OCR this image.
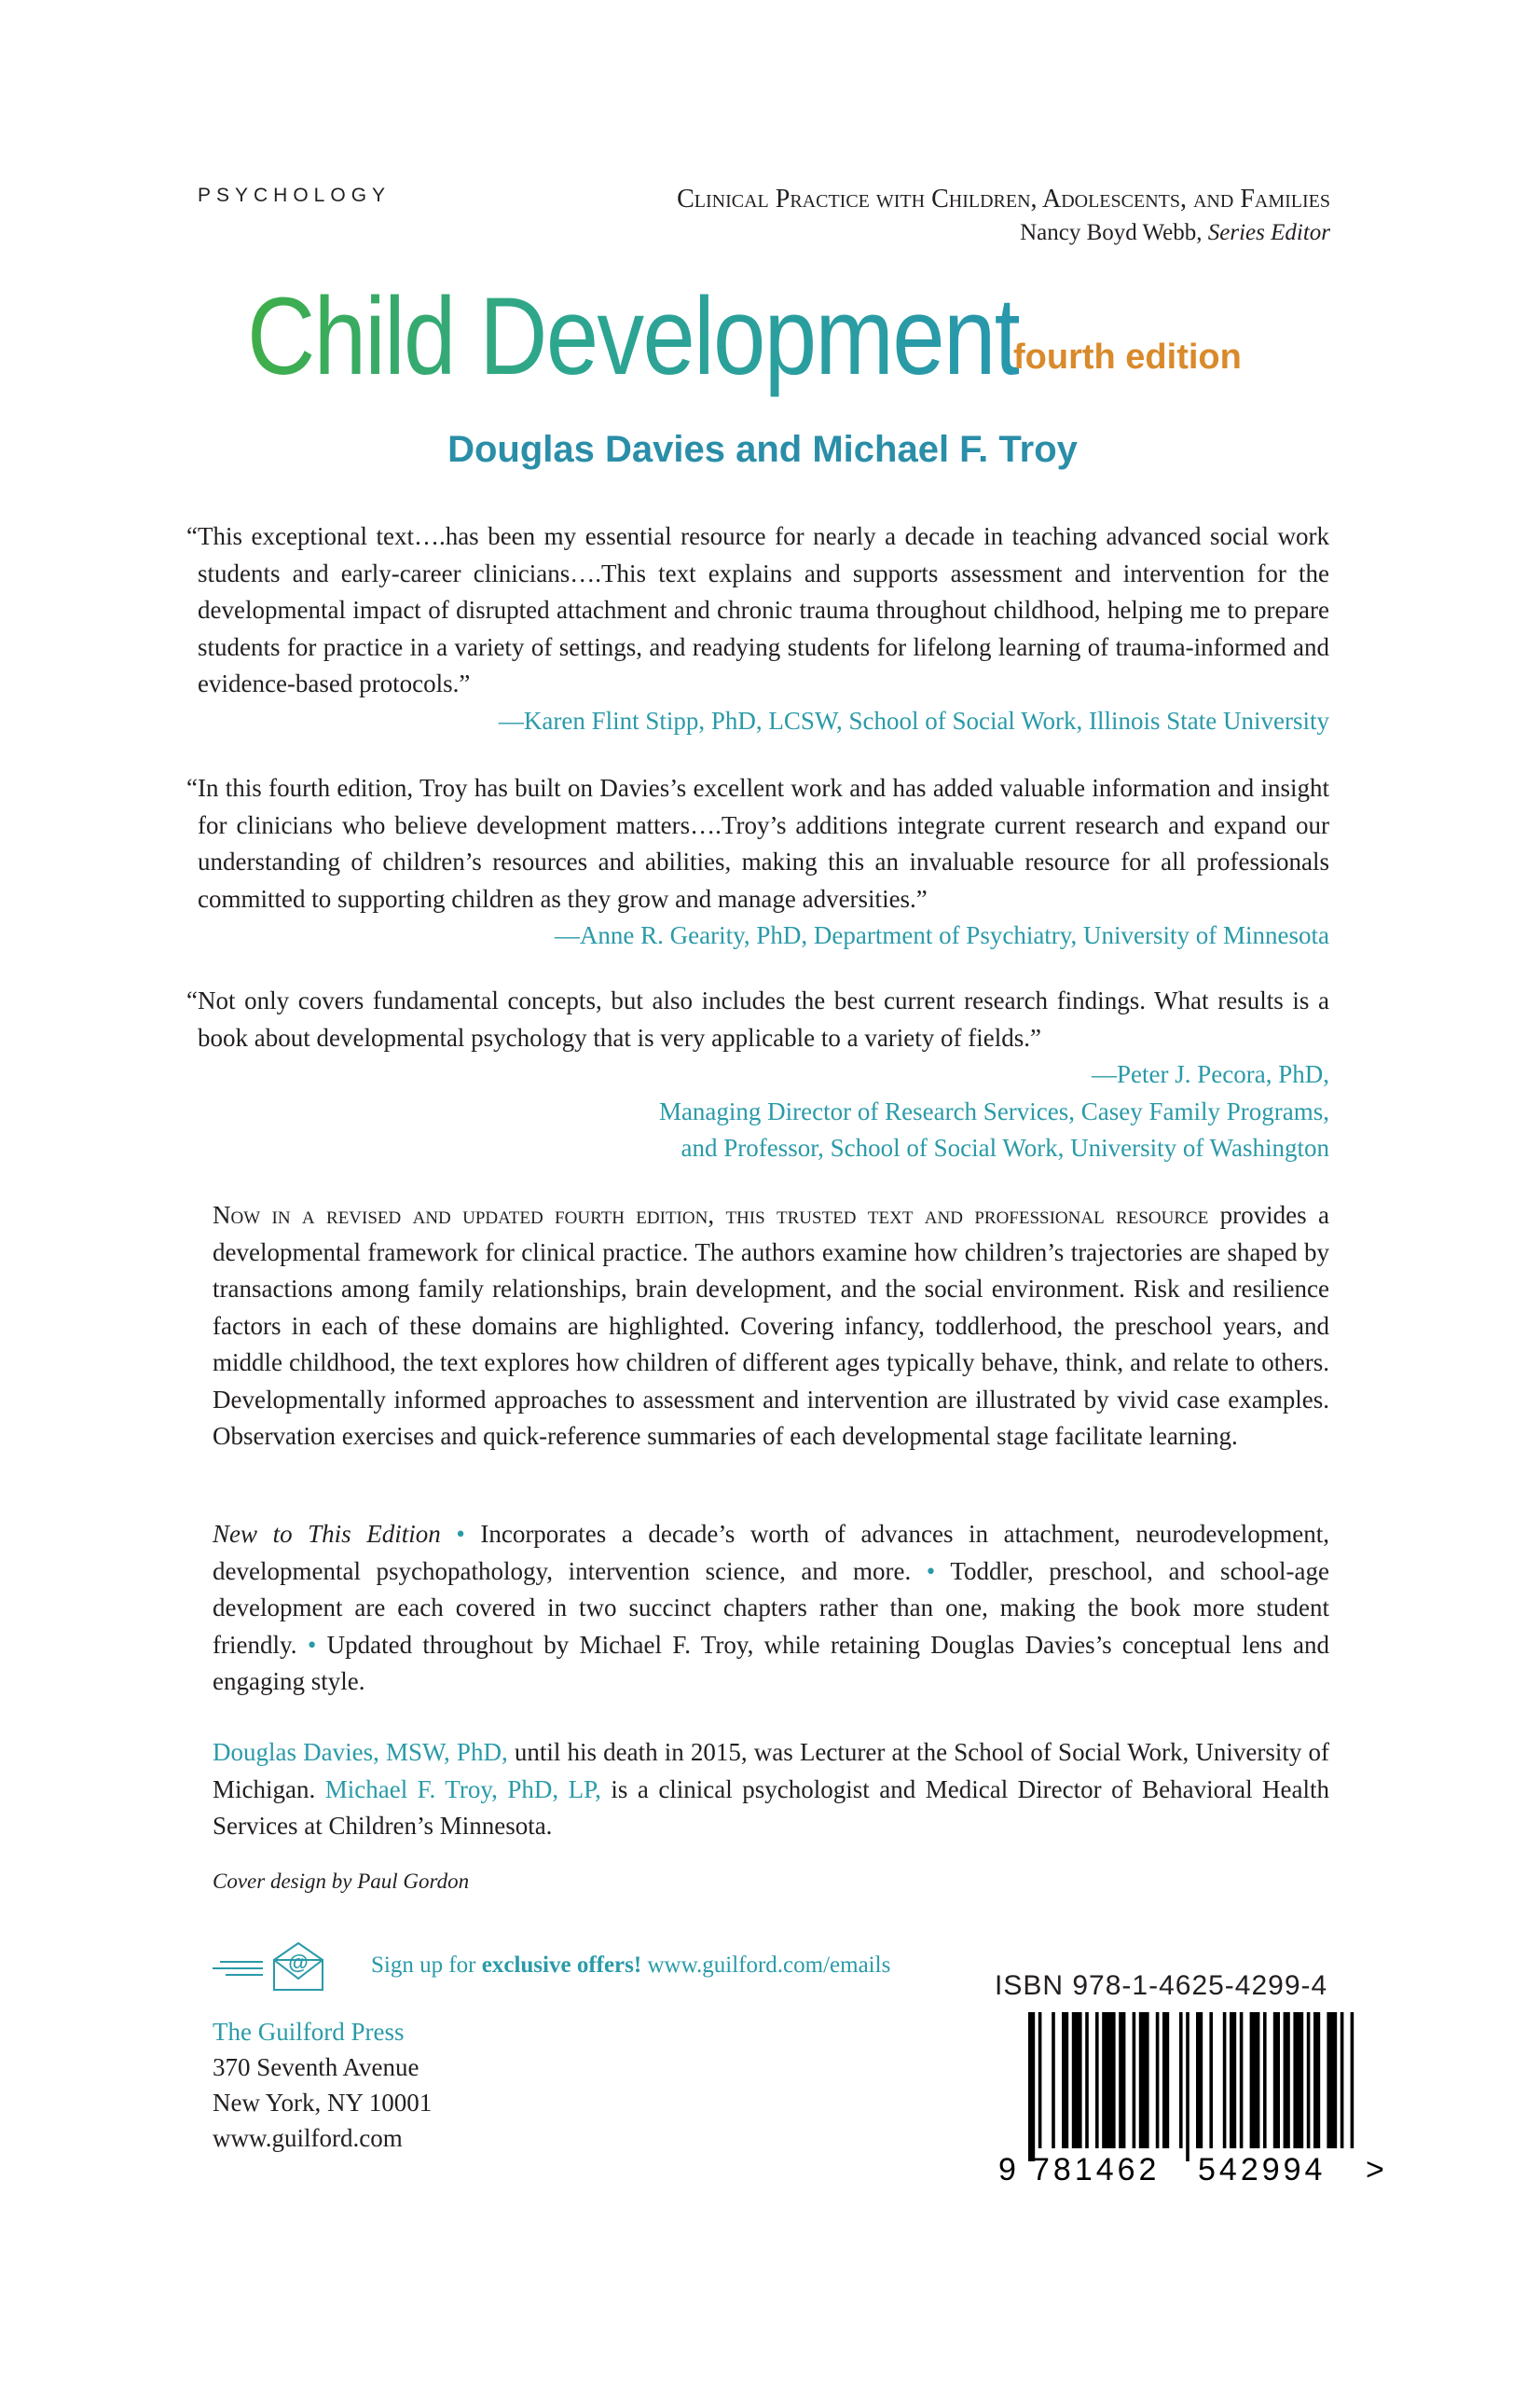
PSYCHOLOGY	Clinical Practice with Children, Adolescents, and Families
Nancy Boyd Webb, Series Editor
Child Development
fourth edition
Douglas Davies and Michael F. Troy

“This exceptional text….has been my essential resource for nearly a decade in teaching advanced social work students and early-career clinicians….This text explains and supports assessment and intervention for the developmental impact of disrupted attachment and chronic trauma throughout childhood, helping me to prepare students for practice in a variety of settings, and readying students for lifelong learning of trauma-informed and evidence-based protocols.”

—Karen Flint Stipp, PhD, LCSW, School of Social Work, Illinois State University

“In this fourth edition, Troy has built on Davies’s excellent work and has added valuable information and insight for clinicians who believe development matters….Troy’s additions integrate current research and expand our understanding of children’s resources and abilities, making this an invaluable resource for all professionals committed to supporting children as they grow and manage adversities.”

—Anne R. Gearity, PhD, Department of Psychiatry, University of Minnesota

“Not only covers fundamental concepts, but also includes the best current research findings. What results is a book about developmental psychology that is very applicable to a variety of fields.”

—Peter J. Pecora, PhD,
Managing Director of Research Services, Casey Family Programs,
and Professor, School of Social Work, University of Washington
Now in a revised and updated fourth edition, this trusted text and professional resource provides a developmental framework for clinical practice. The authors examine how children’s trajectories are shaped by transactions among family relationships, brain development, and the social environment. Risk and resilience factors in each of these domains are highlighted. Covering infancy, toddlerhood, the preschool years, and middle childhood, the text explores how children of different ages typically behave, think, and relate to others. Developmentally informed approaches to assessment and intervention are illustrated by vivid case examples. Observation exercises and quick-reference summaries of each developmental stage facilitate learning.
New to This Edition • Incorporates a decade’s worth of advances in attachment, neurodevelopment, developmental psychopathology, intervention science, and more. • Toddler, preschool, and school-age development are each covered in two succinct chapters rather than one, making the book more student friendly. • Updated throughout by Michael F. Troy, while retaining Douglas Davies’s conceptual lens and engaging style.
Douglas Davies, MSW, PhD, until his death in 2015, was Lecturer at the School of Social Work, University of Michigan. Michael F. Troy, PhD, LP, is a clinical psychologist and Medical Director of Behavioral Health Services at Children’s Minnesota.
Cover design by Paul Gordon
@	Sign up for exclusive offers! www.guilford.com/emails
The Guilford Press
370 Seventh Avenue
New York, NY 10001
www.guilford.com
ISBN 978-1-4625-4299-4
9 781462 542994 >
